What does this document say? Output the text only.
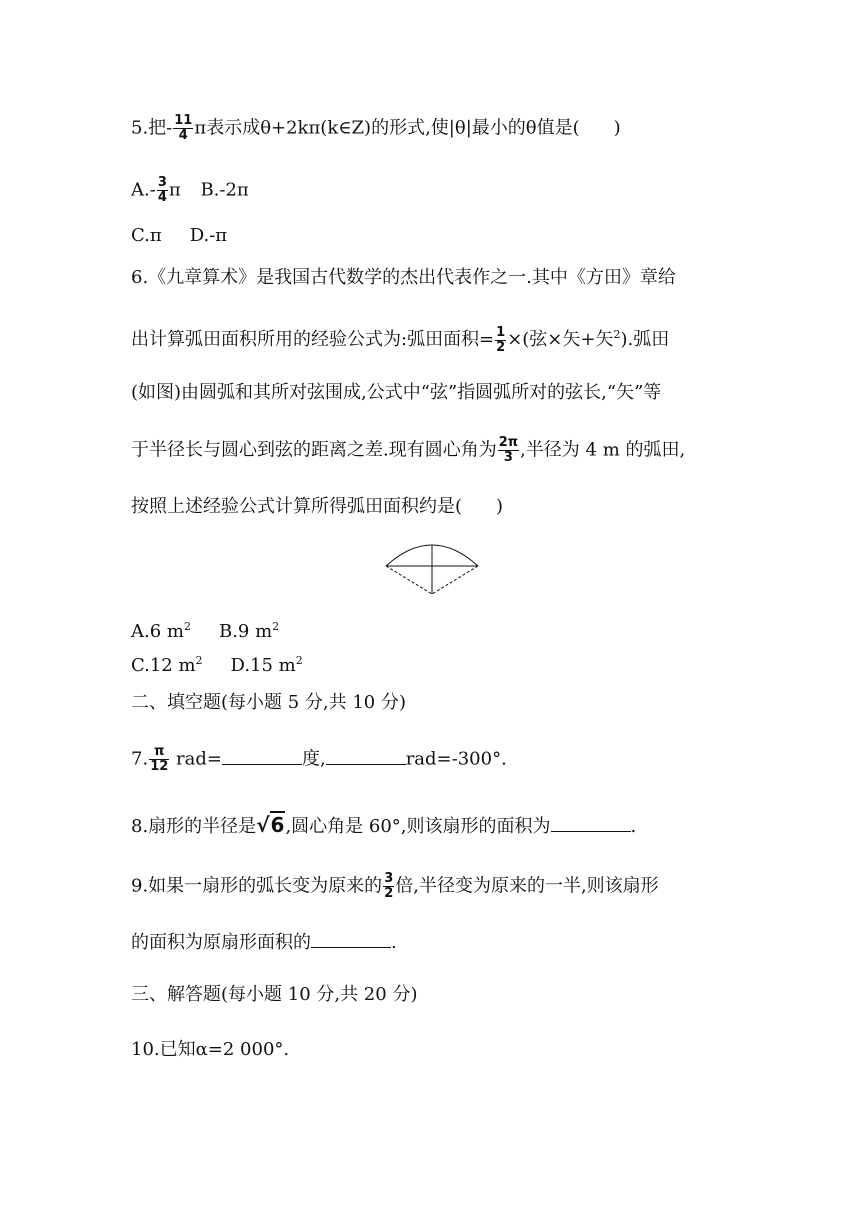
5.把- $\frac{11}{4}$ π表示成θ+2kπ(k∈Z)的形式,使|θ|最小的θ值是( )
$A.- \frac{3}{4}$ π B.-2π
C.π D.-π
6.《九章算术》是我国古代数学的杰出代表作之一.其中《方田》章给
出计算弧田面积所用的经验公式为:弧田面积= $\frac{1}{2}$ ×(弦×矢+矢$^2$).弧田
(如图)由圆弧和其所对弦围成,公式中“弦”指圆弧所对的弦长,“矢”等
于半径长与圆心到弦的距离之差.现有圆心角为 $\frac{2\pi}{3}$ ,半径为 4 m 的弧田,
按照上述经验公式计算所得弧田面积约是( )
A.6 $m^2$ B.9 $m^2$
C.12 $m^2$ D.15 $m^2$
二、填空题(每小题 5 分,共 10 分)
7. $\frac{\pi}{12} rad=$	度,	rad=-300°.
8.扇形的半径是√6,圆心角是 60°,则该扇形的面积为	.
9.如果一扇形的弧长变为原来的 $\frac{3}{2}$ 倍,半径变为原来的一半,则该扇形
的面积为原扇形面积的	.
三、解答题(每小题 10 分,共 20 分)
10.已知α=2 000°.
